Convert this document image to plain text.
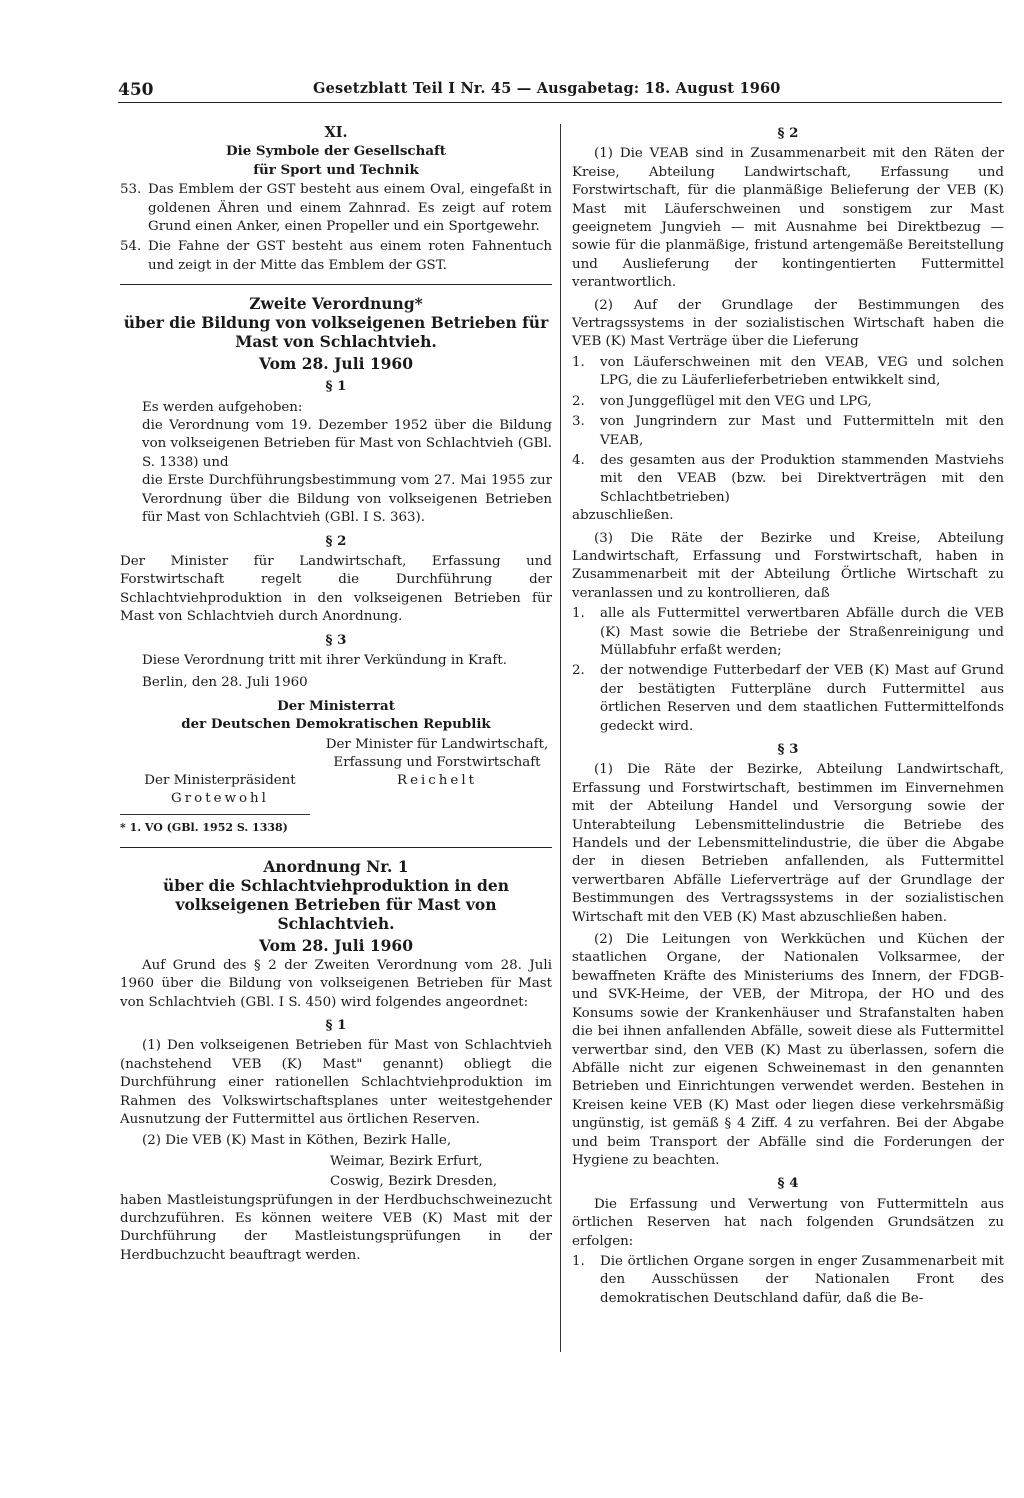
450	Gesetzblatt Teil I Nr. 45 — Ausgabetag: 18. August 1960

XI.

Die Symbole der Gesellschaft

für Sport und Technik

53. Das Emblem der GST besteht aus einem Oval, eingefaßt in goldenen Ähren und einem Zahnrad. Es zeigt auf rotem Grund einen Anker, einen Propeller und ein Sportgewehr.
54. Die Fahne der GST besteht aus einem roten Fahnentuch und zeigt in der Mitte das Emblem der GST.

Zweite Verordnung*

über die Bildung von volkseigenen Betrieben für Mast von Schlachtvieh.

Vom 28. Juli 1960

§ 1

Es werden aufgehoben:

die Verordnung vom 19. Dezember 1952 über die Bildung von volkseigenen Betrieben für Mast von Schlachtvieh (GBl. S. 1338) und

die Erste Durchführungsbestimmung vom 27. Mai 1955 zur Verordnung über die Bildung von volkseigenen Betrieben für Mast von Schlachtvieh (GBl. I S. 363).

§ 2

Der Minister für Landwirtschaft, Erfassung und Forstwirtschaft regelt die Durchführung der Schlachtviehproduktion in den volkseigenen Betrieben für Mast von Schlachtvieh durch Anordnung.

§ 3

Diese Verordnung tritt mit ihrer Verkündung in Kraft.

Berlin, den 28. Juli 1960

Der Ministerrat

der Deutschen Demokratischen Republik

Der Ministerpräsident

Grotewohl

Der Minister für Landwirtschaft, Erfassung und Forstwirtschaft

Reichelt

* 1. VO (GBl. 1952 S. 1338)

Anordnung Nr. 1

über die Schlachtviehproduktion in den volkseigenen Betrieben für Mast von Schlachtvieh.

Vom 28. Juli 1960

Auf Grund des § 2 der Zweiten Verordnung vom 28. Juli 1960 über die Bildung von volkseigenen Betrieben für Mast von Schlachtvieh (GBl. I S. 450) wird folgendes angeordnet:

§ 1

(1) Den volkseigenen Betrieben für Mast von Schlachtvieh (nachstehend VEB (K) Mast" genannt) obliegt die Durchführung einer rationellen Schlachtviehproduktion im Rahmen des Volkswirtschaftsplanes unter weitestgehender Ausnutzung der Futtermittel aus örtlichen Reserven.

(2) Die VEB (K) Mast in Köthen, Bezirk Halle,

Weimar, Bezirk Erfurt,

Coswig, Bezirk Dresden,

haben Mastleistungsprüfungen in der Herdbuchschweinezucht durchzuführen. Es können weitere VEB (K) Mast mit der Durchführung der Mastleistungsprüfungen in der Herdbuchzucht beauftragt werden.

§ 2

(1) Die VEAB sind in Zusammenarbeit mit den Räten der Kreise, Abteilung Landwirtschaft, Erfassung und Forstwirtschaft, für die planmäßige Belieferung der VEB (K) Mast mit Läuferschweinen und sonstigem zur Mast geeignetem Jungvieh — mit Ausnahme bei Direktbezug — sowie für die planmäßige, fristund artengemäße Bereitstellung und Auslieferung der kontingentierten Futtermittel verantwortlich.

(2) Auf der Grundlage der Bestimmungen des Vertragssystems in der sozialistischen Wirtschaft haben die VEB (K) Mast Verträge über die Lieferung

1.	von Läuferschweinen mit den VEAB, VEG und solchen LPG, die zu Läuferlieferbetrieben entwikkelt sind,
2.	von Junggeflügel mit den VEG und LPG,
3.	von Jungrindern zur Mast und Futtermitteln mit den VEAB,
4.	des gesamten aus der Produktion stammenden Mastviehs mit den VEAB (bzw. bei Direktverträgen mit den Schlachtbetrieben)

abzuschließen.

(3) Die Räte der Bezirke und Kreise, Abteilung Landwirtschaft, Erfassung und Forstwirtschaft, haben in Zusammenarbeit mit der Abteilung Örtliche Wirtschaft zu veranlassen und zu kontrollieren, daß

1.	alle als Futtermittel verwertbaren Abfälle durch die VEB (K) Mast sowie die Betriebe der Straßenreinigung und Müllabfuhr erfaßt werden;
2.	der notwendige Futterbedarf der VEB (K) Mast auf Grund der bestätigten Futterpläne durch Futtermittel aus örtlichen Reserven und dem staatlichen Futtermittelfonds gedeckt wird.

§ 3

(1) Die Räte der Bezirke, Abteilung Landwirtschaft, Erfassung und Forstwirtschaft, bestimmen im Einvernehmen mit der Abteilung Handel und Versorgung sowie der Unterabteilung Lebensmittelindustrie die Betriebe des Handels und der Lebensmittelindustrie, die über die Abgabe der in diesen Betrieben anfallenden, als Futtermittel verwertbaren Abfälle Lieferverträge auf der Grundlage der Bestimmungen des Vertragssystems in der sozialistischen Wirtschaft mit den VEB (K) Mast abzuschließen haben.

(2) Die Leitungen von Werkküchen und Küchen der staatlichen Organe, der Nationalen Volksarmee, der bewaffneten Kräfte des Ministeriums des Innern, der FDGB- und SVK-Heime, der VEB, der Mitropa, der HO und des Konsums sowie der Krankenhäuser und Strafanstalten haben die bei ihnen anfallenden Abfälle, soweit diese als Futtermittel verwertbar sind, den VEB (K) Mast zu überlassen, sofern die Abfälle nicht zur eigenen Schweinemast in den genannten Betrieben und Einrichtungen verwendet werden. Bestehen in Kreisen keine VEB (K) Mast oder liegen diese verkehrsmäßig ungünstig, ist gemäß § 4 Ziff. 4 zu verfahren. Bei der Abgabe und beim Transport der Abfälle sind die Forderungen der Hygiene zu beachten.

§ 4

Die Erfassung und Verwertung von Futtermitteln aus örtlichen Reserven hat nach folgenden Grundsätzen zu erfolgen:

1.	Die örtlichen Organe sorgen in enger Zusammenarbeit mit den Ausschüssen der Nationalen Front des demokratischen Deutschland dafür, daß die Be-
